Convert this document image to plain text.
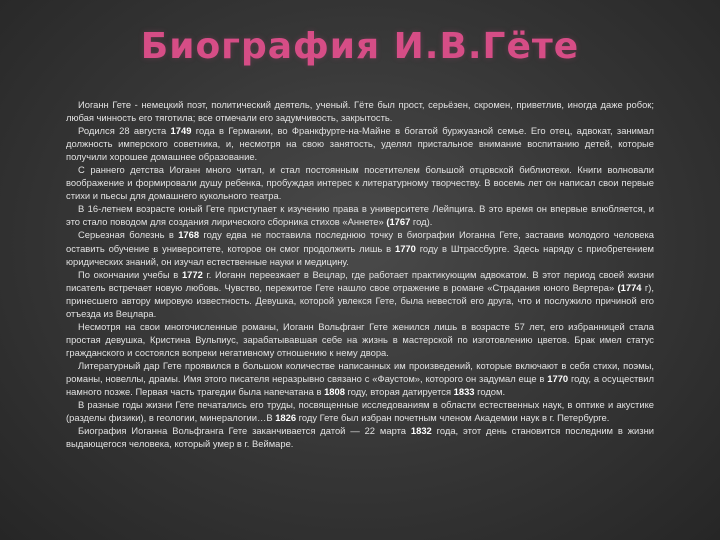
Биография И.В.Гёте

Иоганн Гете - немецкий поэт, политический деятель, ученый. Гёте был прост, серьёзен, скромен, приветлив, иногда даже робок; любая чинность его тяготила; все отмечали его задумчивость, закрытость.

Родился 28 августа 1749 года в Германии, во Франкфурте-на-Майне в богатой буржуазной семье. Его отец, адвокат, занимал должность имперского советника, и, несмотря на свою занятость, уделял пристальное внимание воспитанию детей, которые получили хорошее домашнее образование.

С раннего детства Иоганн много читал, и стал постоянным посетителем большой отцовской библиотеки. Книги волновали воображение и формировали душу ребенка, пробуждая интерес к литературному творчеству. В восемь лет он написал свои первые стихи и пьесы для домашнего кукольного театра.

В 16-летнем возрасте юный Гете приступает к изучению права в университете Лейпцига. В это время он впервые влюбляется, и это стало поводом для создания лирического сборника стихов «Аннете» (1767 год).

Серьезная болезнь в 1768 году едва не поставила последнюю точку в биографии Иоганна Гете, заставив молодого человека оставить обучение в университете, которое он смог продолжить лишь в 1770 году в Штрассбурге. Здесь наряду с приобретением юридических знаний, он изучал естественные науки и медицину.

По окончании учебы в 1772 г. Иоганн переезжает в Вецлар, где работает практикующим адвокатом. В этот период своей жизни писатель встречает новую любовь. Чувство, пережитое Гете нашло свое отражение в романе «Страдания юного Вертера» (1774 г), принесшего автору мировую известность. Девушка, которой увлекся Гете, была невестой его друга, что и послужило причиной его отъезда из Вецлара.

Несмотря на свои многочисленные романы, Иоганн Вольфганг Гете женился лишь в возрасте 57 лет, его избранницей стала простая девушка, Кристина Вульпиус, зарабатывавшая себе на жизнь в мастерской по изготовлению цветов. Брак имел статус гражданского и состоялся вопреки негативному отношению к нему двора.

Литературный дар Гете проявился в большом количестве написанных им произведений, которые включают в себя стихи, поэмы, романы, новеллы, драмы. Имя этого писателя неразрывно связано с «Фаустом», которого он задумал еще в 1770 году, а осуществил намного позже. Первая часть трагедии была напечатана в 1808 году, вторая датируется 1833 годом.

В разные годы жизни Гете печатались его труды, посвященные исследованиям в области естественных наук, в оптике и акустике (разделы физики), в геологии, минералогии…В 1826 году Гете был избран почетным членом Академии наук в г. Петербурге.

Биография Иоганна Вольфганга Гете заканчивается датой — 22 марта 1832 года, этот день становится последним в жизни выдающегося человека, который умер в г. Веймаре.
